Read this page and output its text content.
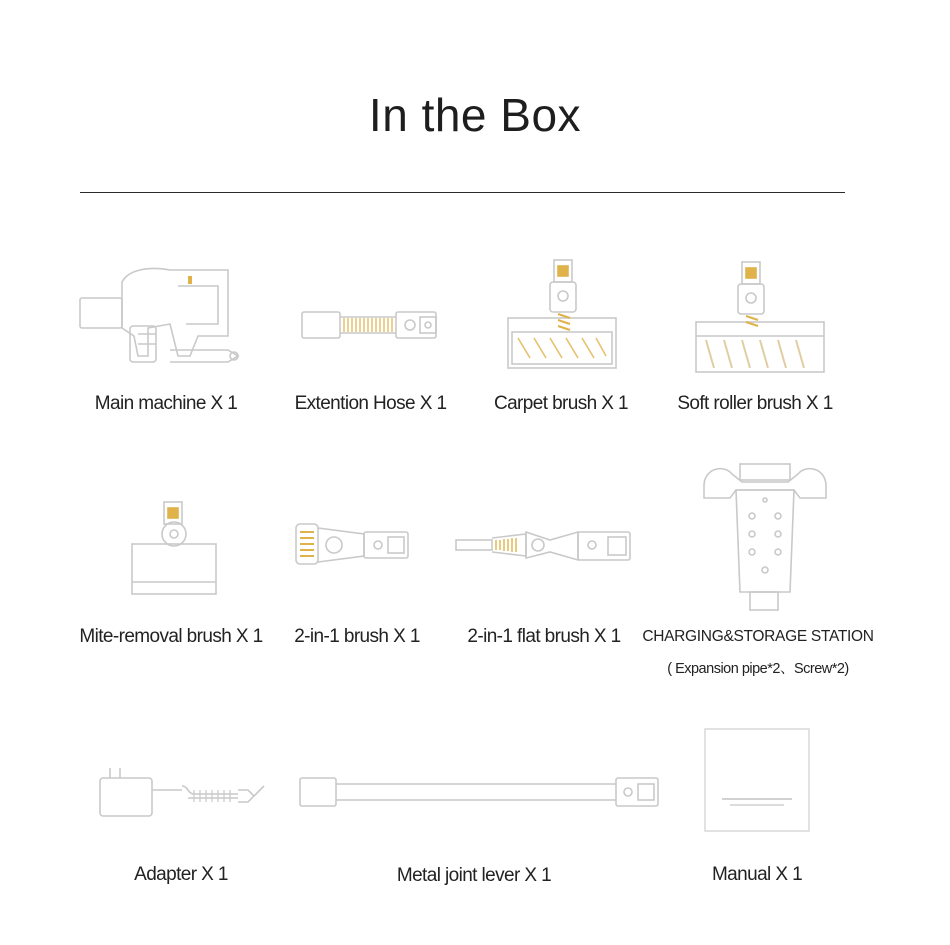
In the Box
Main machine X 1	Extention Hose X 1	Carpet brush X 1	Soft roller brush X 1
Mite-removal brush X 1	2-in-1 brush X 1	2-in-1 flat brush X 1	CHARGING&STORAGE STATION
( Expansion pipe*2、Screw*2)
Adapter X 1	Metal joint lever X 1	Manual X 1
